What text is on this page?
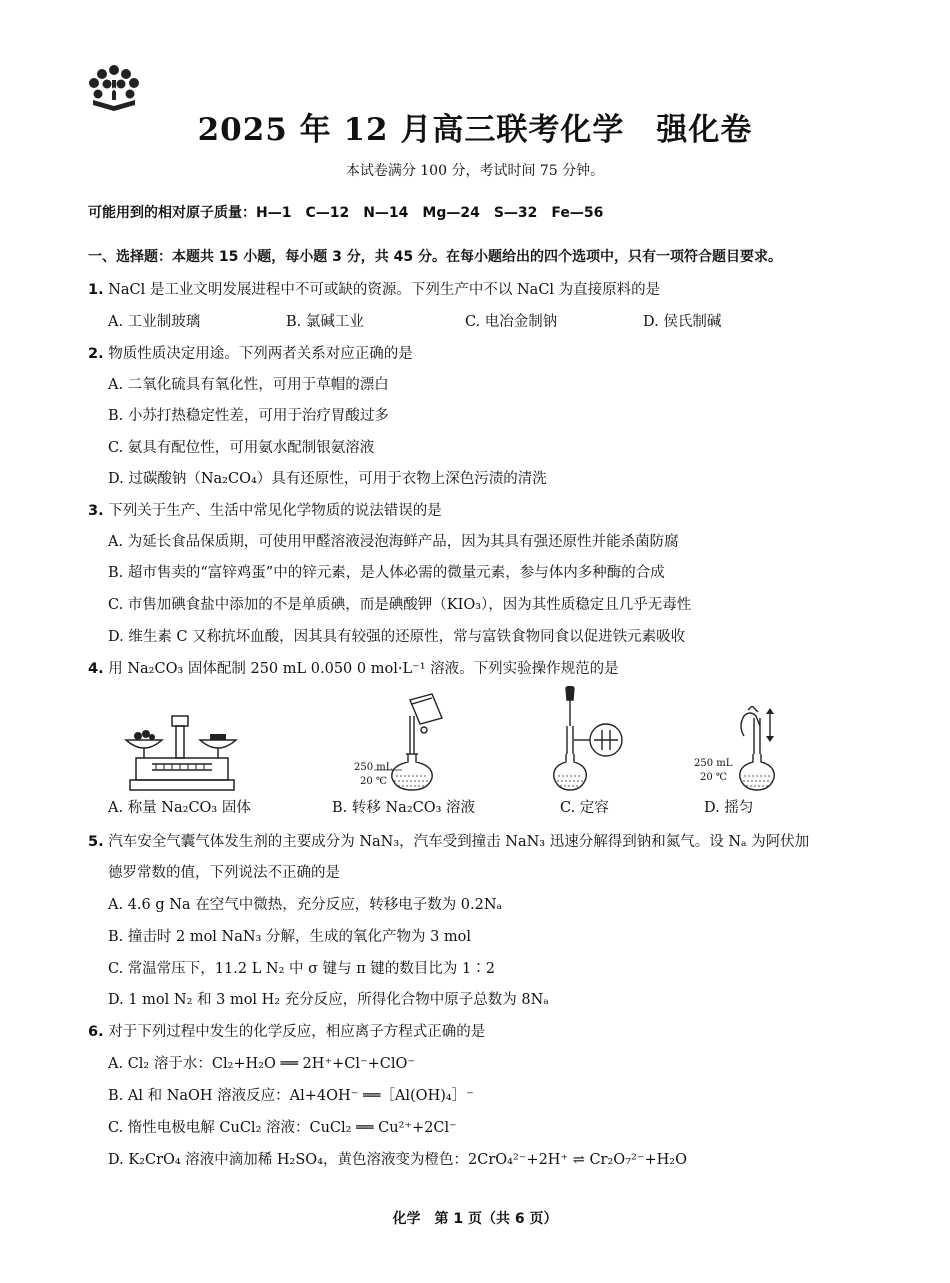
2025 年 12 月高三联考化学　强化卷
本试卷满分 100 分，考试时间 75 分钟。
可能用到的相对原子质量：H—1　C—12　N—14　Mg—24　S—32　Fe—56
一、选择题：本题共 15 小题，每小题 3 分，共 45 分。在每小题给出的四个选项中，只有一项符合题目要求。
1. NaCl 是工业文明发展进程中不可或缺的资源。下列生产中不以 NaCl 为直接原料的是
A. 工业制玻璃	B. 氯碱工业	C. 电冶金制钠	D. 侯氏制碱
2. 物质性质决定用途。下列两者关系对应正确的是
A. 二氧化硫具有氧化性，可用于草帽的漂白
B. 小苏打热稳定性差，可用于治疗胃酸过多
C. 氨具有配位性，可用氨水配制银氨溶液
D. 过碳酸钠（Na₂CO₄）具有还原性，可用于衣物上深色污渍的清洗
3. 下列关于生产、生活中常见化学物质的说法错误的是
A. 为延长食品保质期，可使用甲醛溶液浸泡海鲜产品，因为其具有强还原性并能杀菌防腐
B. 超市售卖的“富锌鸡蛋”中的锌元素，是人体必需的微量元素，参与体内多种酶的合成
C. 市售加碘食盐中添加的不是单质碘，而是碘酸钾（KIO₃），因为其性质稳定且几乎无毒性
D. 维生素 C 又称抗坏血酸，因其具有较强的还原性，常与富铁食物同食以促进铁元素吸收
4. 用 Na₂CO₃ 固体配制 250 mL 0.050 0 mol·L⁻¹ 溶液。下列实验操作规范的是
250 mL
20 ℃
250 mL
20 ℃
A. 称量 Na₂CO₃ 固体	B. 转移 Na₂CO₃ 溶液	C. 定容	D. 摇匀
5. 汽车安全气囊气体发生剂的主要成分为 NaN₃，汽车受到撞击 NaN₃ 迅速分解得到钠和氮气。设 Nₐ 为阿伏加
德罗常数的值，下列说法不正确的是
A. 4.6 g Na 在空气中微热，充分反应，转移电子数为 0.2Nₐ
B. 撞击时 2 mol NaN₃ 分解，生成的氧化产物为 3 mol
C. 常温常压下，11.2 L N₂ 中 σ 键与 π 键的数目比为 1∶2
D. 1 mol N₂ 和 3 mol H₂ 充分反应，所得化合物中原子总数为 8Nₐ
6. 对于下列过程中发生的化学反应，相应离子方程式正确的是
A. Cl₂ 溶于水：Cl₂+H₂O ══ 2H⁺+Cl⁻+ClO⁻
B. Al 和 NaOH 溶液反应：Al+4OH⁻ ══［Al(OH)₄］⁻
C. 惰性电极电解 CuCl₂ 溶液：CuCl₂ ══ Cu²⁺+2Cl⁻
D. K₂CrO₄ 溶液中滴加稀 H₂SO₄，黄色溶液变为橙色：2CrO₄²⁻+2H⁺ ⇌ Cr₂O₇²⁻+H₂O
化学　第 1 页（共 6 页）
